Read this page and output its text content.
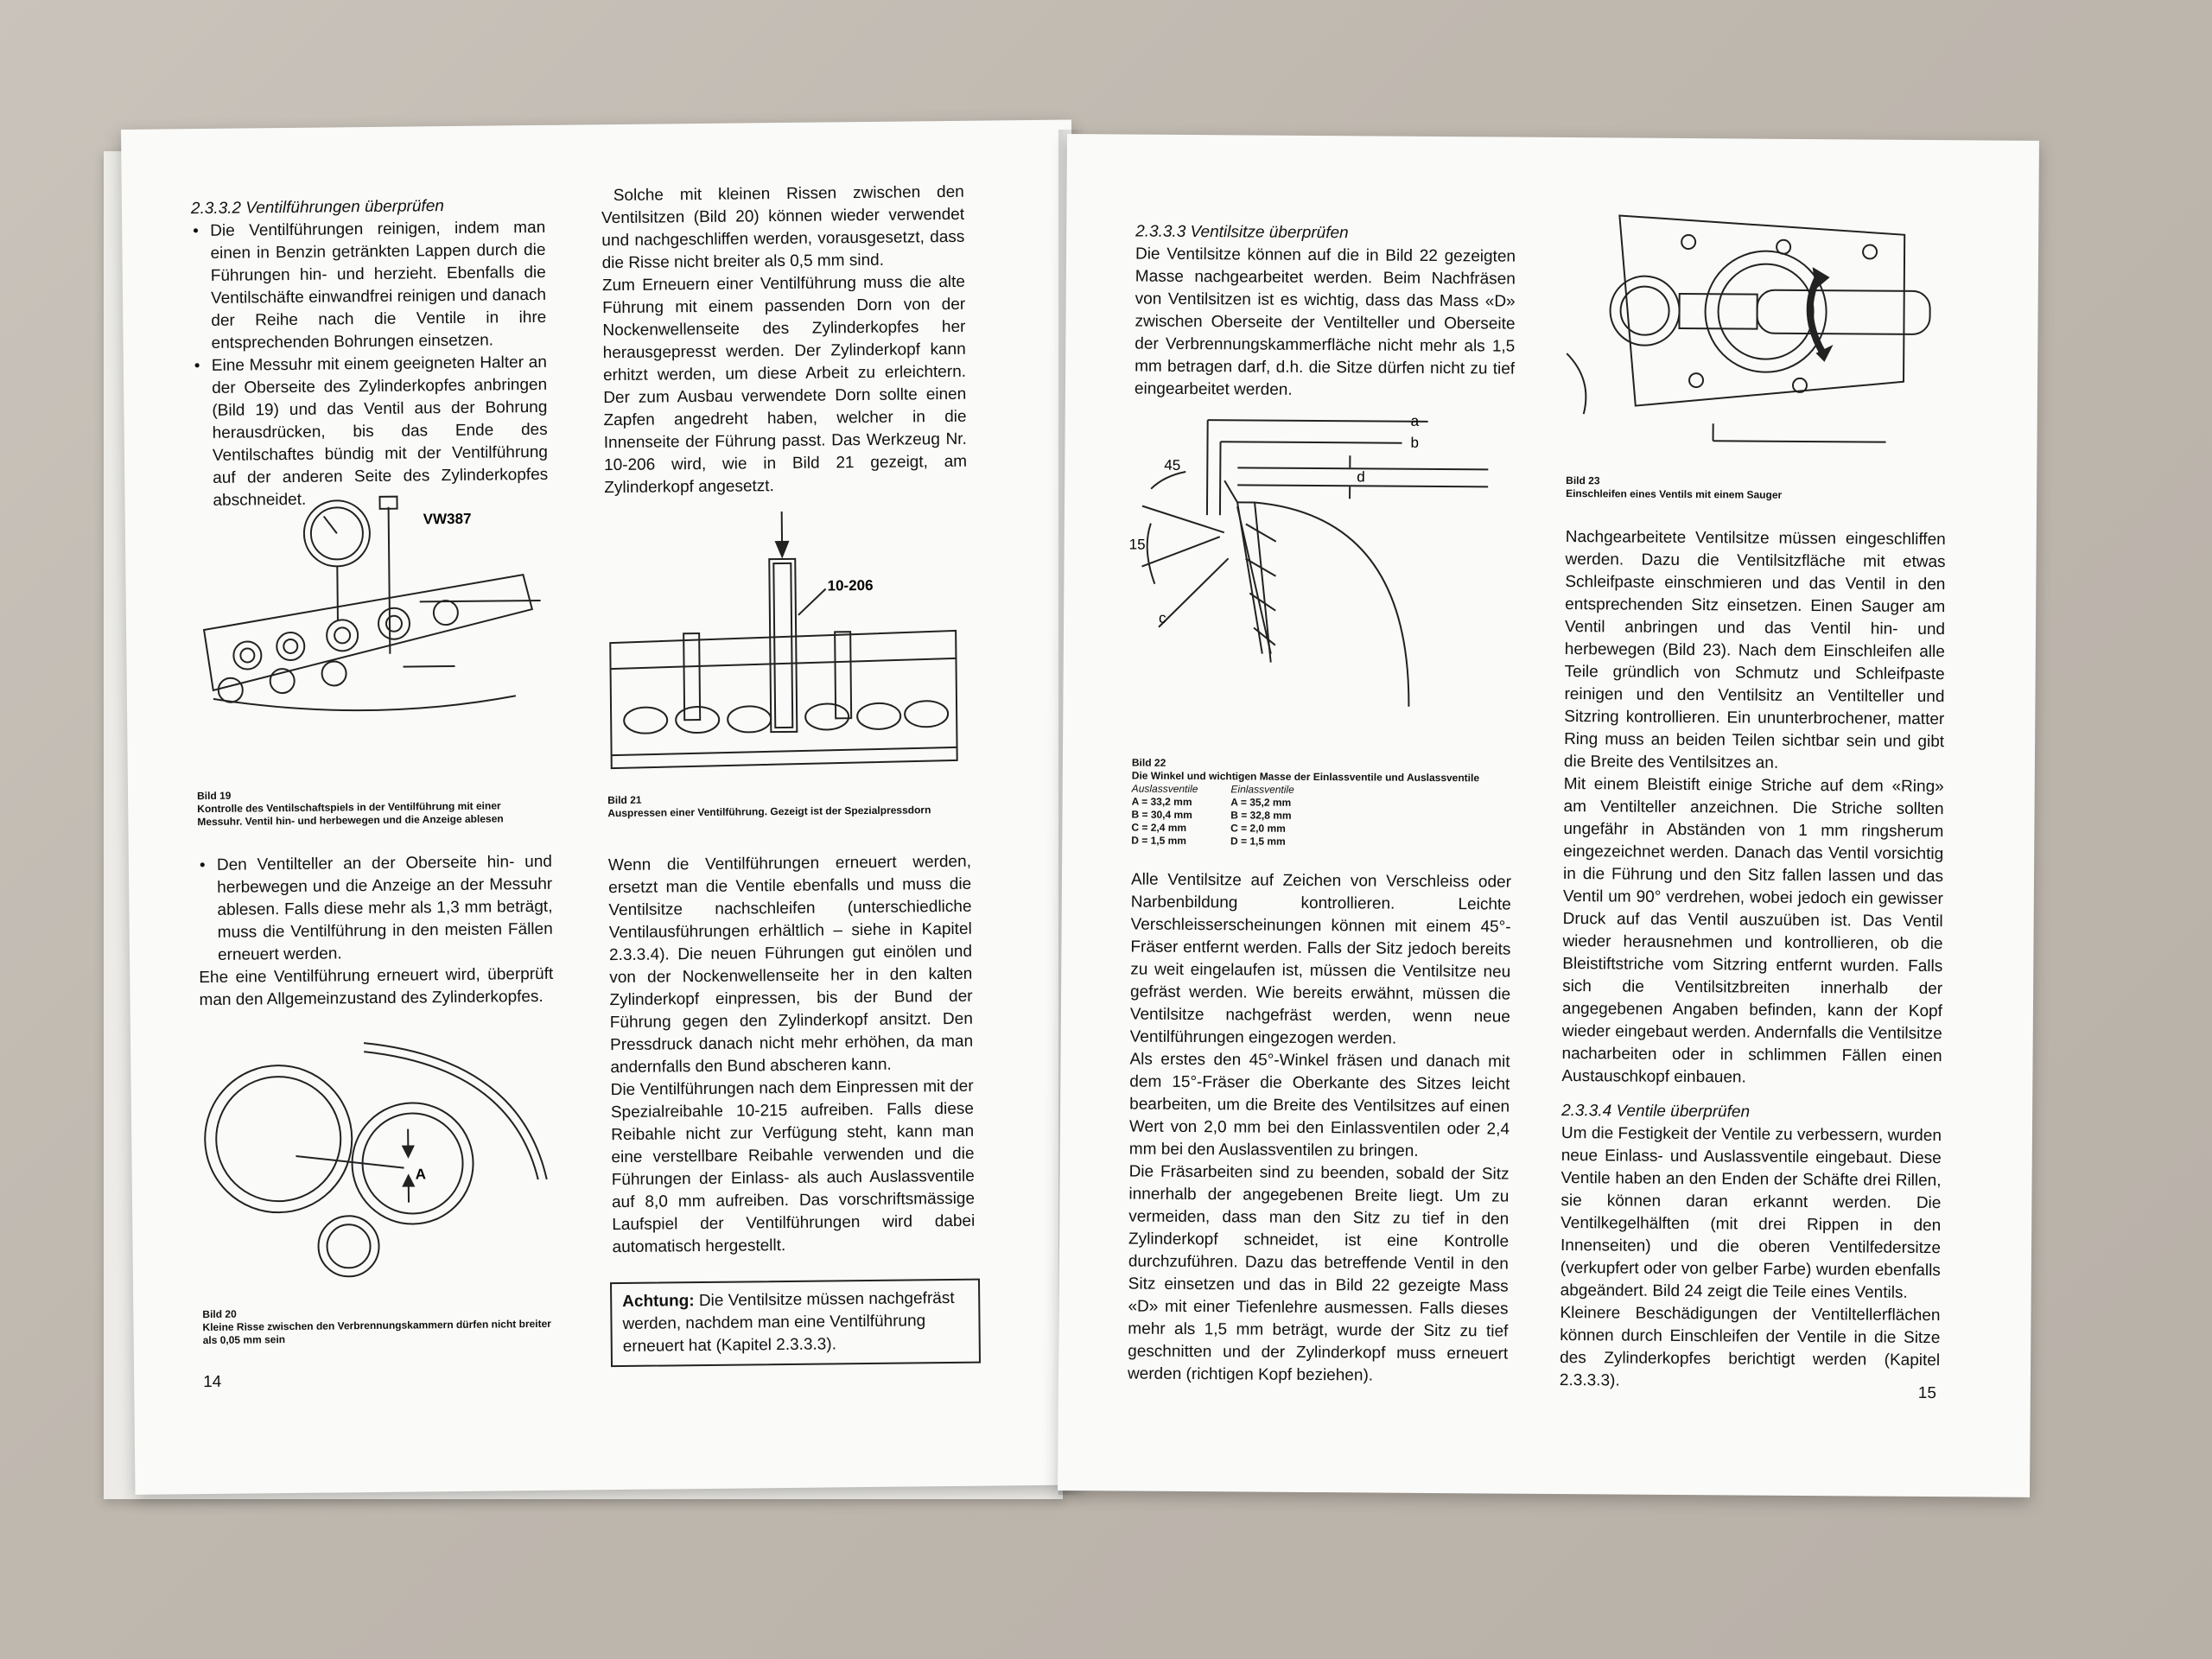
2.3.3.2 Ventilführungen überprüfen

• Die Ventilführungen reinigen, indem man einen in Benzin getränkten Lappen durch die Führungen hin- und herzieht. Ebenfalls die Ventilschäfte einwandfrei reinigen und danach der Reihe nach die Ventile in ihre entsprechenden Bohrungen einsetzen.

• Eine Messuhr mit einem geeigneten Halter an der Oberseite des Zylinderkopfes anbringen (Bild 19) und das Ventil aus der Bohrung herausdrücken, bis das Ende des Ventilschaftes bündig mit der Ventilführung auf der anderen Seite des Zylinderkopfes abschneidet.

VW387
Bild 19
Kontrolle des Ventilschaftspiels in der Ventilführung mit einer Messuhr. Ventil hin- und herbewegen und die Anzeige ablesen

• Den Ventilteller an der Oberseite hin- und herbewegen und die Anzeige an der Messuhr ablesen. Falls diese mehr als 1,3 mm beträgt, muss die Ventilführung in den meisten Fällen erneuert werden.

Ehe eine Ventilführung erneuert wird, überprüft man den Allgemeinzustand des Zylinderkopfes.

A
Bild 20
Kleine Risse zwischen den Verbrennungskammern dürfen nicht breiter als 0,05 mm sein
14

Solche mit kleinen Rissen zwischen den Ventilsitzen (Bild 20) können wieder verwendet und nachgeschliffen werden, vorausgesetzt, dass die Risse nicht breiter als 0,5 mm sind.

Zum Erneuern einer Ventilführung muss die alte Führung mit einem passenden Dorn von der Nockenwellenseite des Zylinderkopfes her herausgepresst werden. Der Zylinderkopf kann erhitzt werden, um diese Arbeit zu erleichtern. Der zum Ausbau verwendete Dorn sollte einen Zapfen angedreht haben, welcher in die Innenseite der Führung passt. Das Werkzeug Nr. 10-206 wird, wie in Bild 21 gezeigt, am Zylinderkopf angesetzt.

10-206
Bild 21
Auspressen einer Ventilführung. Gezeigt ist der Spezialpressdorn

Wenn die Ventilführungen erneuert werden, ersetzt man die Ventile ebenfalls und muss die Ventilsitze nachschleifen (unterschiedliche Ventilausführungen erhältlich – siehe in Kapitel 2.3.3.4). Die neuen Führungen gut einölen und von der Nockenwellenseite her in den kalten Zylinderkopf einpressen, bis der Bund der Führung gegen den Zylinderkopf ansitzt. Den Pressdruck danach nicht mehr erhöhen, da man andernfalls den Bund abscheren kann.

Die Ventilführungen nach dem Einpressen mit der Spezialreibahle 10-215 aufreiben. Falls diese Reibahle nicht zur Verfügung steht, kann man eine verstellbare Reibahle verwenden und die Führungen der Einlass- als auch Auslassventile auf 8,0 mm aufreiben. Das vorschriftsmässige Laufspiel der Ventilführungen wird dabei automatisch hergestellt.

Achtung: Die Ventilsitze müssen nachgefräst werden, nachdem man eine Ventilführung erneuert hat (Kapitel 2.3.3.3).

2.3.3.3 Ventilsitze überprüfen

Die Ventilsitze können auf die in Bild 22 gezeigten Masse nachgearbeitet werden. Beim Nachfräsen von Ventilsitzen ist es wichtig, dass das Mass «D» zwischen Oberseite der Ventilteller und Oberseite der Verbrennungskammerfläche nicht mehr als 1,5 mm betragen darf, d.h. die Sitze dürfen nicht zu tief eingearbeitet werden.

a
b
d
45
15
c
Bild 22
Die Winkel und wichtigen Masse der Einlassventile und Auslassventile
Auslassventile	Einlassventile
A = 33,2 mm	A = 35,2 mm
B = 30,4 mm	B = 32,8 mm
C = 2,4 mm	C = 2,0 mm
D = 1,5 mm	D = 1,5 mm

Alle Ventilsitze auf Zeichen von Verschleiss oder Narbenbildung kontrollieren. Leichte Verschleisserscheinungen können mit einem 45°-Fräser entfernt werden. Falls der Sitz jedoch bereits zu weit eingelaufen ist, müssen die Ventilsitze neu gefräst werden. Wie bereits erwähnt, müssen die Ventilsitze nachgefräst werden, wenn neue Ventilführungen eingezogen werden.

Als erstes den 45°-Winkel fräsen und danach mit dem 15°-Fräser die Oberkante des Sitzes leicht bearbeiten, um die Breite des Ventilsitzes auf einen Wert von 2,0 mm bei den Einlassventilen oder 2,4 mm bei den Auslassventilen zu bringen.

Die Fräsarbeiten sind zu beenden, sobald der Sitz innerhalb der angegebenen Breite liegt. Um zu vermeiden, dass man den Sitz zu tief in den Zylinderkopf schneidet, ist eine Kontrolle durchzuführen. Dazu das betreffende Ventil in den Sitz einsetzen und das in Bild 22 gezeigte Mass «D» mit einer Tiefenlehre ausmessen. Falls dieses mehr als 1,5 mm beträgt, wurde der Sitz zu tief geschnitten und der Zylinderkopf muss erneuert werden (richtigen Kopf beziehen).

Bild 23
Einschleifen eines Ventils mit einem Sauger

Nachgearbeitete Ventilsitze müssen eingeschliffen werden. Dazu die Ventilsitzfläche mit etwas Schleifpaste einschmieren und das Ventil in den entsprechenden Sitz einsetzen. Einen Sauger am Ventil anbringen und das Ventil hin- und herbewegen (Bild 23). Nach dem Einschleifen alle Teile gründlich von Schmutz und Schleifpaste reinigen und den Ventilsitz an Ventilteller und Sitzring kontrollieren. Ein ununterbrochener, matter Ring muss an beiden Teilen sichtbar sein und gibt die Breite des Ventilsitzes an.

Mit einem Bleistift einige Striche auf dem «Ring» am Ventilteller anzeichnen. Die Striche sollten ungefähr in Abständen von 1 mm ringsherum eingezeichnet werden. Danach das Ventil vorsichtig in die Führung und den Sitz fallen lassen und das Ventil um 90° verdrehen, wobei jedoch ein gewisser Druck auf das Ventil auszuüben ist. Das Ventil wieder herausnehmen und kontrollieren, ob die Bleistiftstriche vom Sitzring entfernt wurden. Falls sich die Ventilsitzbreiten innerhalb der angegebenen Angaben befinden, kann der Kopf wieder eingebaut werden. Andernfalls die Ventilsitze nacharbeiten oder in schlimmen Fällen einen Austauschkopf einbauen.

2.3.3.4 Ventile überprüfen

Um die Festigkeit der Ventile zu verbessern, wurden neue Einlass- und Auslassventile eingebaut. Diese Ventile haben an den Enden der Schäfte drei Rillen, sie können daran erkannt werden. Die Ventilkegelhälften (mit drei Rippen in den Innenseiten) und die oberen Ventilfedersitze (verkupfert oder von gelber Farbe) wurden ebenfalls abgeändert. Bild 24 zeigt die Teile eines Ventils.

Kleinere Beschädigungen der Ventiltellerflächen können durch Einschleifen der Ventile in die Sitze des Zylinderkopfes berichtigt werden (Kapitel 2.3.3.3).

15
